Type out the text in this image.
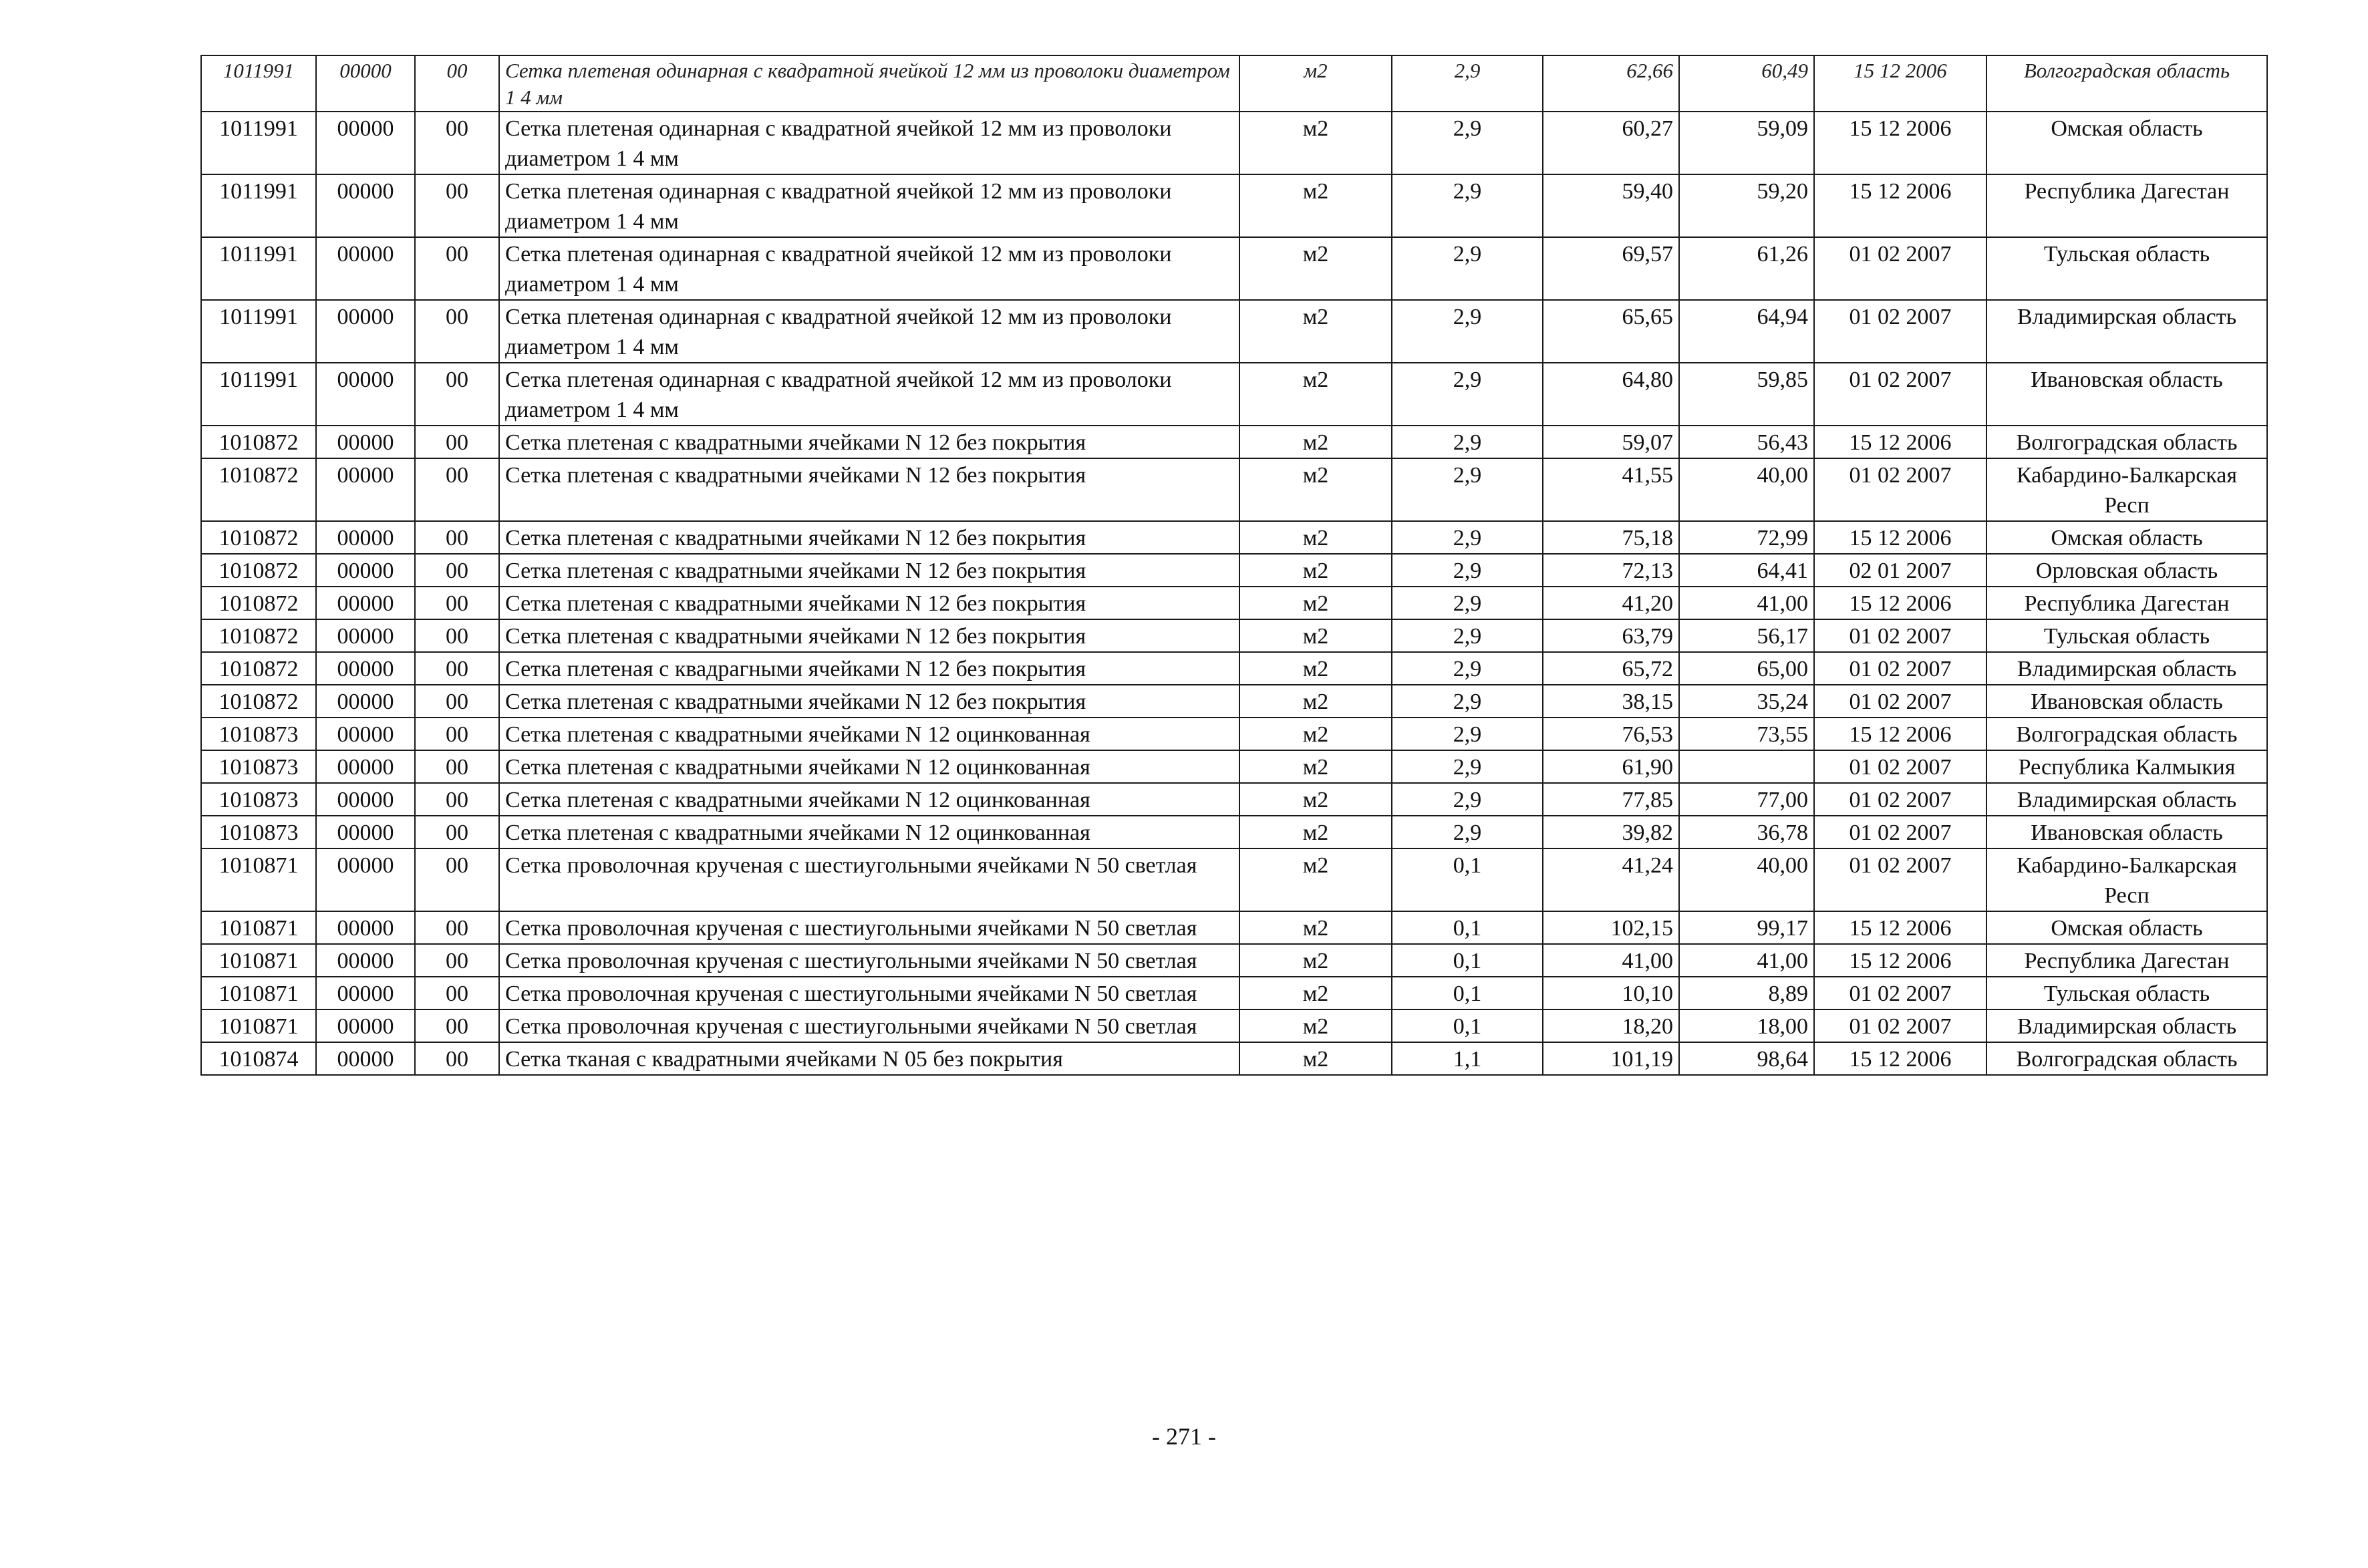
1011991	00000	00	Сетка плетеная одинарная с квадратной ячейкой 12 мм из проволоки диаметром 1 4 мм	м2	2,9	62,66	60,49	15 12 2006	Волгоградская область
1011991	00000	00	Сетка плетеная одинарная с квадратной ячейкой 12 мм из проволоки диаметром 1 4 мм	м2	2,9	60,27	59,09	15 12 2006	Омская область
1011991	00000	00	Сетка плетеная одинарная с квадратной ячейкой 12 мм из проволоки диаметром 1 4 мм	м2	2,9	59,40	59,20	15 12 2006	Республика Дагестан
1011991	00000	00	Сетка плетеная одинарная с квадратной ячейкой 12 мм из проволоки диаметром 1 4 мм	м2	2,9	69,57	61,26	01 02 2007	Тульская область
1011991	00000	00	Сетка плетеная одинарная с квадратной ячейкой 12 мм из проволоки диаметром 1 4 мм	м2	2,9	65,65	64,94	01 02 2007	Владимирская область
1011991	00000	00	Сетка плетеная одинарная с квадратной ячейкой 12 мм из проволоки диаметром 1 4 мм	м2	2,9	64,80	59,85	01 02 2007	Ивановская область
1010872	00000	00	Сетка плетеная с квадратными ячейками N 12 без покрытия	м2	2,9	59,07	56,43	15 12 2006	Волгоградская область
1010872	00000	00	Сетка плетеная с квадратными ячейками N 12 без покрытия	м2	2,9	41,55	40,00	01 02 2007	Кабардино-Балкарская Респ
1010872	00000	00	Сетка плетеная с квадратными ячейками N 12 без покрытия	м2	2,9	75,18	72,99	15 12 2006	Омская область
1010872	00000	00	Сетка плетеная с квадратными ячейками N 12 без покрытия	м2	2,9	72,13	64,41	02 01 2007	Орловская область
1010872	00000	00	Сетка плетеная с квадратными ячейками N 12 без покрытия	м2	2,9	41,20	41,00	15 12 2006	Республика Дагестан
1010872	00000	00	Сетка плетеная с квадратными ячейками N 12 без покрытия	м2	2,9	63,79	56,17	01 02 2007	Тульская область
1010872	00000	00	Сетка плетеная с квадрагными ячейками N 12 без покрытия	м2	2,9	65,72	65,00	01 02 2007	Владимирская область
1010872	00000	00	Сетка плетеная с квадратными ячейками N 12 без покрытия	м2	2,9	38,15	35,24	01 02 2007	Ивановская область
1010873	00000	00	Сетка плетеная с квадратными ячейками N 12 оцинкованная	м2	2,9	76,53	73,55	15 12 2006	Волгоградская область
1010873	00000	00	Сетка плетеная с квадратными ячейками N 12 оцинкованная	м2	2,9	61,90		01 02 2007	Республика Калмыкия
1010873	00000	00	Сетка плетеная с квадратными ячейками N 12 оцинкованная	м2	2,9	77,85	77,00	01 02 2007	Владимирская область
1010873	00000	00	Сетка плетеная с квадратными ячейками N 12 оцинкованная	м2	2,9	39,82	36,78	01 02 2007	Ивановская область
1010871	00000	00	Сетка проволочная крученая с шестиугольными ячейками N 50 светлая	м2	0,1	41,24	40,00	01 02 2007	Кабардино-Балкарская Респ
1010871	00000	00	Сетка проволочная крученая с шестиугольными ячейками N 50 светлая	м2	0,1	102,15	99,17	15 12 2006	Омская область
1010871	00000	00	Сетка проволочная крученая с шестиугольными ячейками N 50 светлая	м2	0,1	41,00	41,00	15 12 2006	Республика Дагестан
1010871	00000	00	Сетка проволочная крученая с шестиугольными ячейками N 50 светлая	м2	0,1	10,10	8,89	01 02 2007	Тульская область
1010871	00000	00	Сетка проволочная крученая с шестиугольными ячейками N 50 светлая	м2	0,1	18,20	18,00	01 02 2007	Владимирская область
1010874	00000	00	Сетка тканая с квадратными ячейками N 05 без покрытия	м2	1,1	101,19	98,64	15 12 2006	Волгоградская область
- 271 -
